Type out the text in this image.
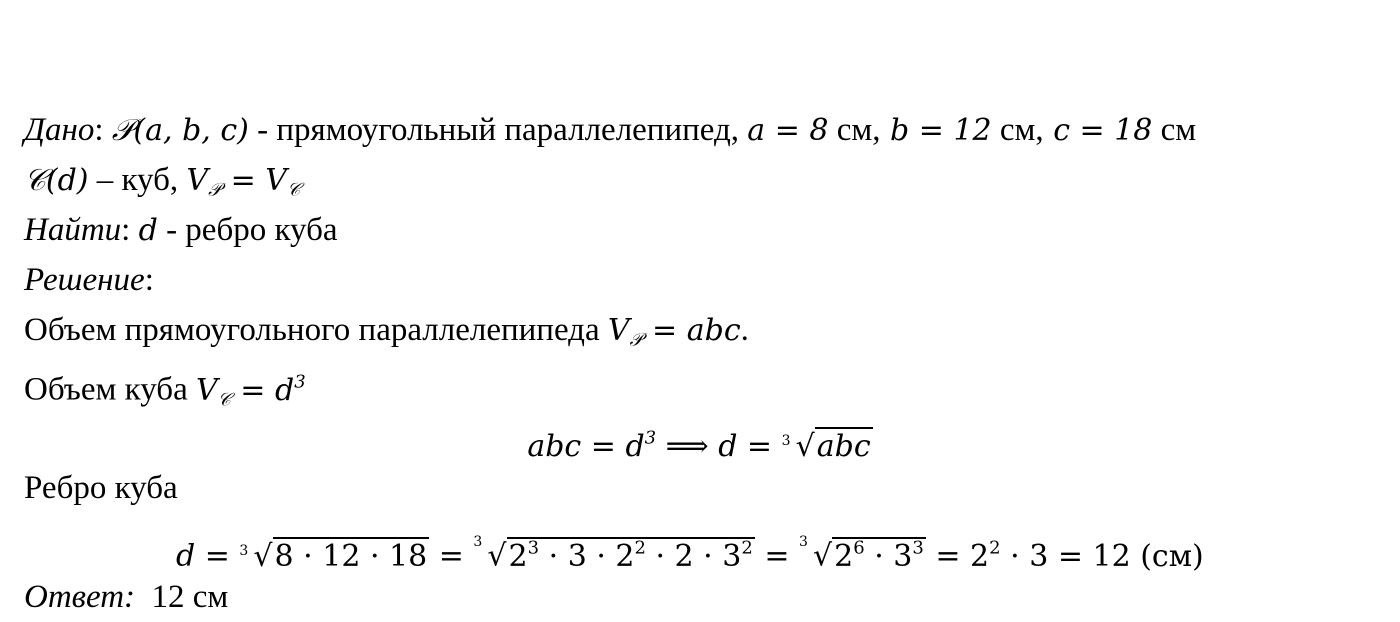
Дано: 𝒫(a, b, c) - прямоугольный параллелепипед, a = 8 см, b = 12 см, c = 18 см
𝒞(d) – куб, $V_𝒫 = V_𝒞$
Найти: d - ребро куба
Решение:
Объем прямоугольного параллелепипеда $V_𝒫$ = abc.
Объем куба $V_𝒞 = d^3$
abc = $d^3$ ⟹ d = 3 √abc
Ребро куба
d = 3 √8 · 12 · 18 = 3 $√2^3 \cdot 3 \cdot 2^2 \cdot 2 \cdot 3^2 = 3$ $√2^6 \cdot 3^3 = 2^2 \cdot 3 = 12$ (см)
Ответ:  12 см
